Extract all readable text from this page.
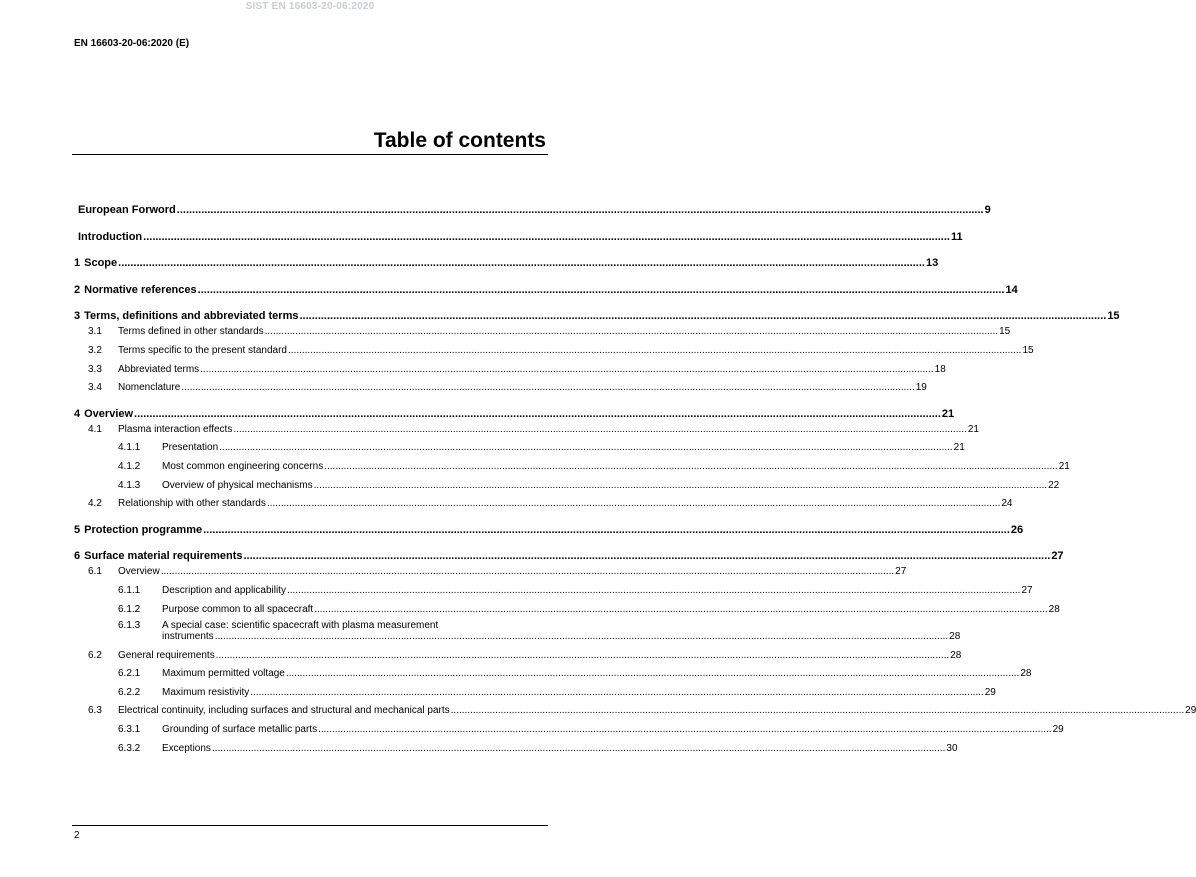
SIST EN 16603-20-06:2020
EN 16603-20-06:2020 (E)
Table of contents
European Forword .....	9
Introduction .....	11
1 Scope .....	13
2 Normative references .....	14
3 Terms, definitions and abbreviated terms .....	15
3.1	Terms defined in other standards .....	15
3.2	Terms specific to the present standard .....	15
3.3	Abbreviated terms .....	18
3.4	Nomenclature .....	19
4 Overview .....	21
4.1	Plasma interaction effects .....	21
4.1.1	Presentation .....	21
4.1.2	Most common engineering concerns .....	21
4.1.3	Overview of physical mechanisms .....	22
4.2	Relationship with other standards .....	24
5 Protection programme .....	26
6 Surface material requirements .....	27
6.1	Overview .....	27
6.1.1	Description and applicability .....	27
6.1.2	Purpose common to all spacecraft .....	28
6.1.3	A special case: scientific spacecraft with plasma measurement
instruments .....	28
6.2	General requirements .....	28
6.2.1	Maximum permitted voltage .....	28
6.2.2	Maximum resistivity .....	29
6.3	Electrical continuity, including surfaces and structural and mechanical parts .....	29
6.3.1	Grounding of surface metallic parts .....	29
6.3.2	Exceptions .....	30
2
